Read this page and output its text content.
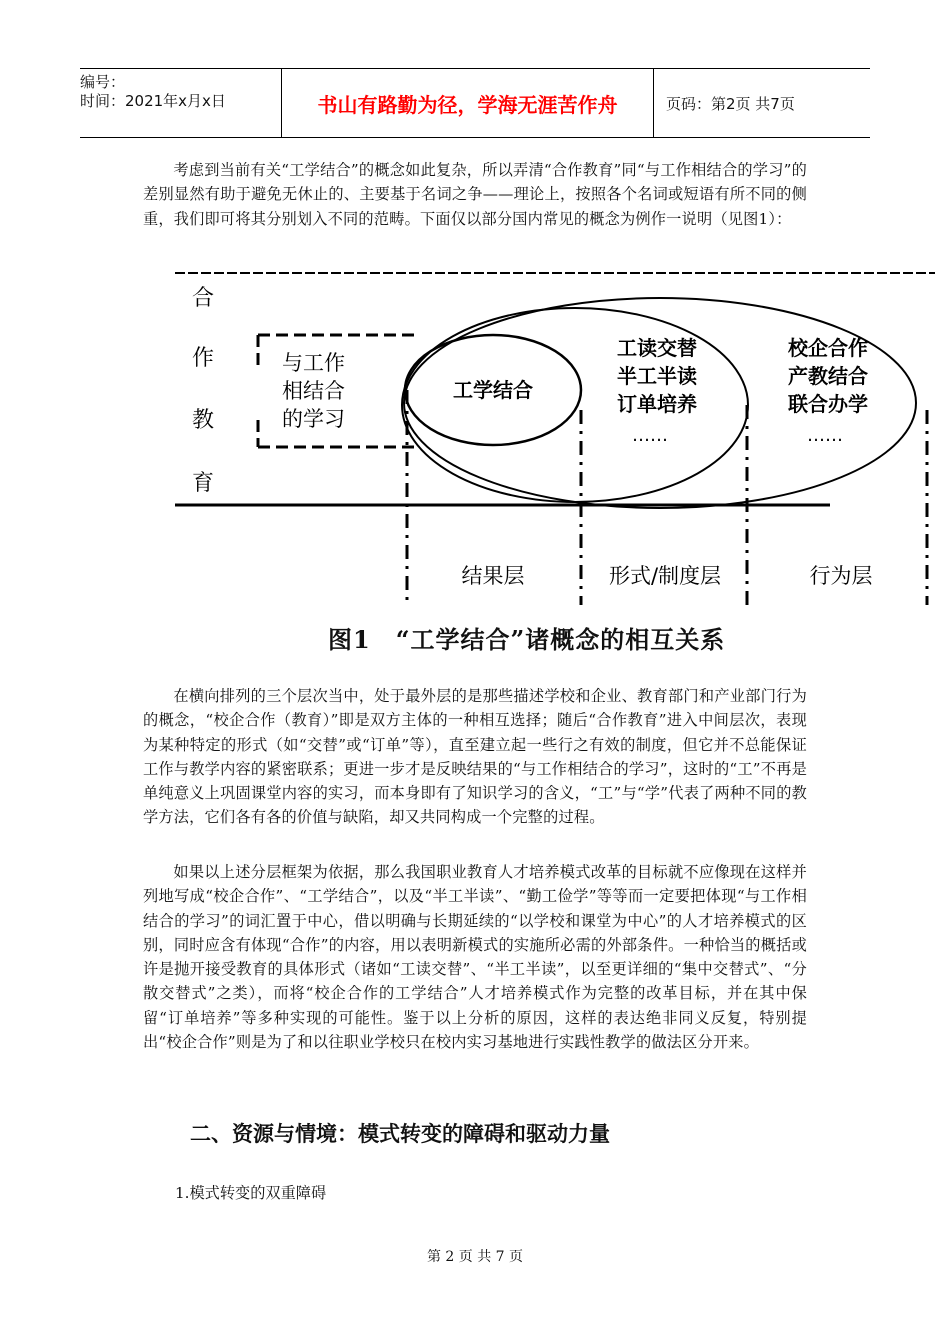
编号：
时间：2021年x月x日	书山有路勤为径，学海无涯苦作舟	页码：第2页 共7页

考虑到当前有关“工学结合”的概念如此复杂，所以弄清“合作教育”同“与工作相结合的学习”的差别显然有助于避免无休止的、主要基于名词之争——理论上，按照各个名词或短语有所不同的侧重，我们即可将其分别划入不同的范畴。下面仅以部分国内常见的概念为例作一说明（见图1）：

合
作
教
育
与工作
相结合
的学习
工学结合
工读交替
半工半读
订单培养
……
校企合作
产教结合
联合办学
……
结果层	形式/制度层	行为层
图1　“工学结合”诸概念的相互关系

在横向排列的三个层次当中，处于最外层的是那些描述学校和企业、教育部门和产业部门行为的概念，“校企合作（教育）”即是双方主体的一种相互选择；随后“合作教育”进入中间层次，表现为某种特定的形式（如“交替”或“订单”等），直至建立起一些行之有效的制度，但它并不总能保证工作与教学内容的紧密联系；更进一步才是反映结果的“与工作相结合的学习”，这时的“工”不再是单纯意义上巩固课堂内容的实习，而本身即有了知识学习的含义，“工”与“学”代表了两种不同的教学方法，它们各有各的价值与缺陷，却又共同构成一个完整的过程。

如果以上述分层框架为依据，那么我国职业教育人才培养模式改革的目标就不应像现在这样并列地写成“校企合作”、“工学结合”，以及“半工半读”、“勤工俭学”等等而一定要把体现“与工作相结合的学习”的词汇置于中心，借以明确与长期延续的“以学校和课堂为中心”的人才培养模式的区别，同时应含有体现“合作”的内容，用以表明新模式的实施所必需的外部条件。一种恰当的概括或许是抛开接受教育的具体形式（诸如“工读交替”、“半工半读”，以至更详细的“集中交替式”、“分散交替式”之类），而将“校企合作的工学结合”人才培养模式作为完整的改革目标，并在其中保留“订单培养”等多种实现的可能性。鉴于以上分析的原因，这样的表达绝非同义反复，特别提出“校企合作”则是为了和以往职业学校只在校内实习基地进行实践性教学的做法区分开来。

二、资源与情境：模式转变的障碍和驱动力量
1.模式转变的双重障碍
第 2 页 共 7 页
